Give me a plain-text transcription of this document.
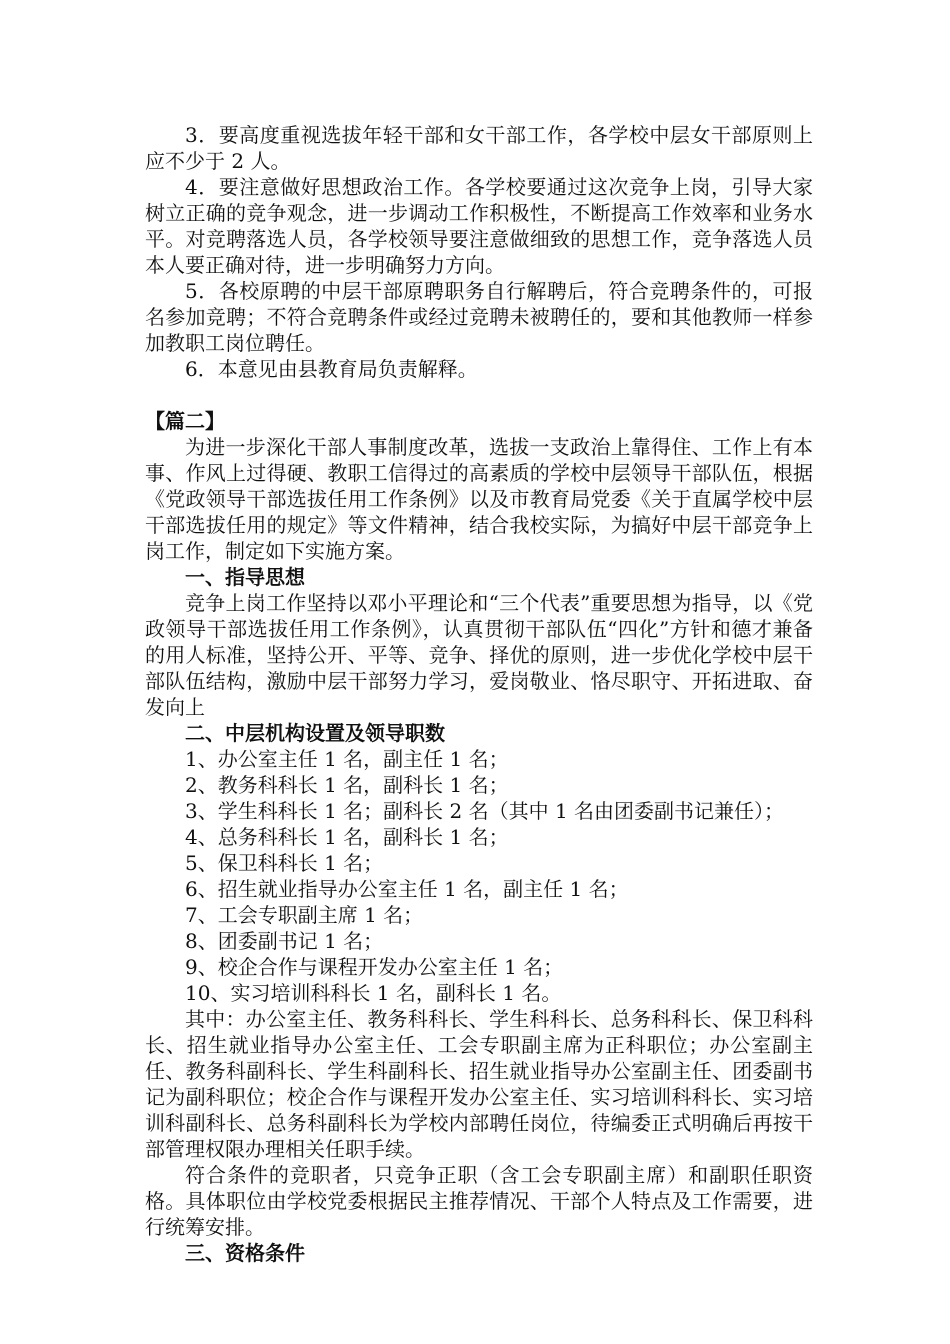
3．要高度重视选拔年轻干部和女干部工作，各学校中层女干部原则上应不少于 2 人。

4．要注意做好思想政治工作。各学校要通过这次竞争上岗，引导大家树立正确的竞争观念，进一步调动工作积极性，不断提高工作效率和业务水平。对竞聘落选人员，各学校领导要注意做细致的思想工作，竞争落选人员本人要正确对待，进一步明确努力方向。

5．各校原聘的中层干部原聘职务自行解聘后，符合竞聘条件的，可报名参加竞聘；不符合竞聘条件或经过竞聘未被聘任的，要和其他教师一样参加教职工岗位聘任。

6．本意见由县教育局负责解释。

【篇二】

为进一步深化干部人事制度改革，选拔一支政治上靠得住、工作上有本事、作风上过得硬、教职工信得过的高素质的学校中层领导干部队伍，根据《党政领导干部选拔任用工作条例》以及市教育局党委《关于直属学校中层干部选拔任用的规定》等文件精神，结合我校实际，为搞好中层干部竞争上岗工作，制定如下实施方案。

一、指导思想

竞争上岗工作坚持以邓小平理论和“三个代表”重要思想为指导，以《党政领导干部选拔任用工作条例》，认真贯彻干部队伍“四化”方针和德才兼备的用人标准，坚持公开、平等、竞争、择优的原则，进一步优化学校中层干部队伍结构，激励中层干部努力学习，爱岗敬业、恪尽职守、开拓进取、奋发向上

二、中层机构设置及领导职数

1、办公室主任 1 名，副主任 1 名；

2、教务科科长 1 名，副科长 1 名；

3、学生科科长 1 名；副科长 2 名（其中 1 名由团委副书记兼任）；

4、总务科科长 1 名，副科长 1 名；

5、保卫科科长 1 名；

6、招生就业指导办公室主任 1 名，副主任 1 名；

7、工会专职副主席 1 名；

8、团委副书记 1 名；

9、校企合作与课程开发办公室主任 1 名；

10、实习培训科科长 1 名，副科长 1 名。

其中：办公室主任、教务科科长、学生科科长、总务科科长、保卫科科长、招生就业指导办公室主任、工会专职副主席为正科职位；办公室副主任、教务科副科长、学生科副科长、招生就业指导办公室副主任、团委副书记为副科职位；校企合作与课程开发办公室主任、实习培训科科长、实习培训科副科长、总务科副科长为学校内部聘任岗位，待编委正式明确后再按干部管理权限办理相关任职手续。

符合条件的竞职者，只竞争正职（含工会专职副主席）和副职任职资格。具体职位由学校党委根据民主推荐情况、干部个人特点及工作需要，进行统筹安排。

三、资格条件
